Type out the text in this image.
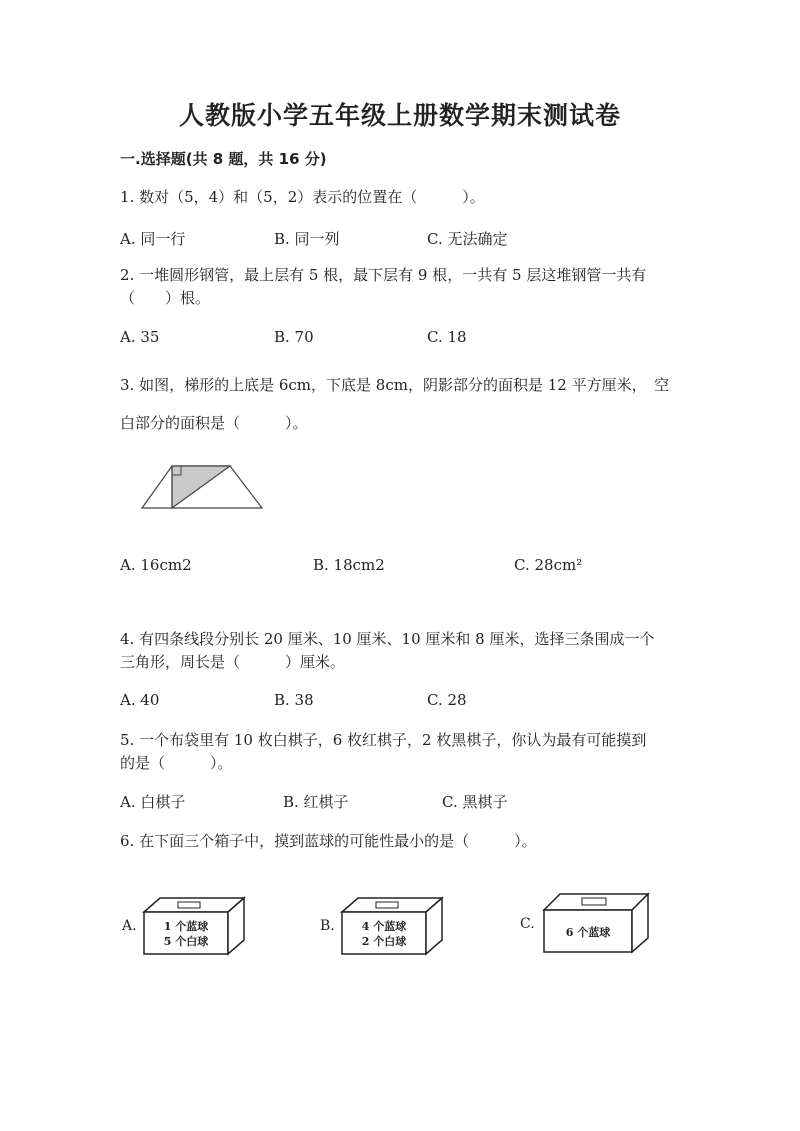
人教版小学五年级上册数学期末测试卷
一.选择题(共 8 题，共 16 分)
1. 数对（5，4）和（5，2）表示的位置在（　　　）。
A. 同一行	B. 同一列	C. 无法确定
2. 一堆圆形钢管，最上层有 5 根，最下层有 9 根，一共有 5 层这堆钢管一共有
（　　）根。
A. 35	B. 70	C. 18
3. 如图，梯形的上底是 6cm，下底是 8cm，阴影部分的面积是 12 平方厘米，　空
白部分的面积是（　　　）。
A. 16cm2	B. 18cm2	C. 28cm²
4. 有四条线段分别长 20 厘米、10 厘米、10 厘米和 8 厘米，选择三条围成一个
三角形，周长是（　　　）厘米。
A. 40	B. 38	C. 28
5. 一个布袋里有 10 枚白棋子，6 枚红棋子，2 枚黑棋子，你认为最有可能摸到
的是（　　　）。
A. 白棋子	B. 红棋子	C. 黑棋子
6. 在下面三个箱子中，摸到蓝球的可能性最小的是（　　　）。
A. 1 个蓝球
5 个白球
B. 4 个蓝球
2 个白球
C.
6 个蓝球
